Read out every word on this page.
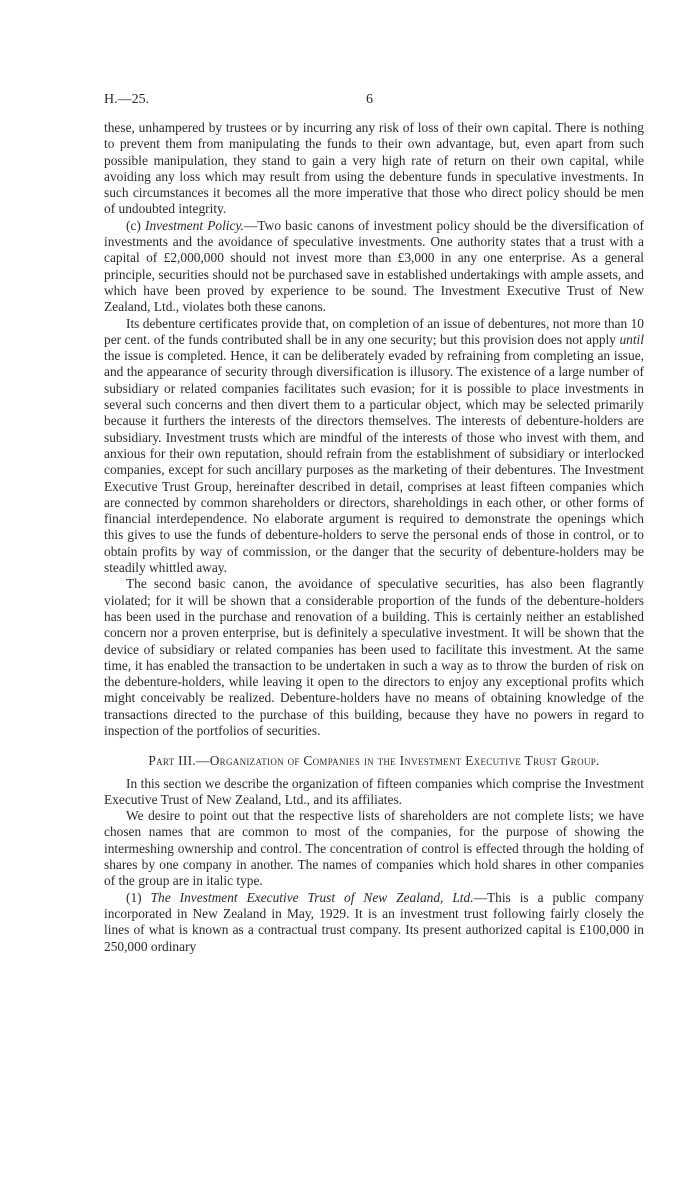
H.—25.	6

these, unhampered by trustees or by incurring any risk of loss of their own capital. There is nothing to prevent them from manipulating the funds to their own advantage, but, even apart from such possible manipulation, they stand to gain a very high rate of return on their own capital, while avoiding any loss which may result from using the debenture funds in speculative investments. In such circumstances it becomes all the more imperative that those who direct policy should be men of undoubted integrity.

(c) Investment Policy.—Two basic canons of investment policy should be the diversification of investments and the avoidance of speculative investments. One authority states that a trust with a capital of £2,000,000 should not invest more than £3,000 in any one enterprise. As a general principle, securities should not be purchased save in established undertakings with ample assets, and which have been proved by experience to be sound. The Investment Executive Trust of New Zealand, Ltd., violates both these canons.

Its debenture certificates provide that, on completion of an issue of debentures, not more than 10 per cent. of the funds contributed shall be in any one security; but this provision does not apply until the issue is completed. Hence, it can be deliberately evaded by refraining from completing an issue, and the appearance of security through diversification is illusory. The existence of a large number of subsidiary or related companies facilitates such evasion; for it is possible to place investments in several such concerns and then divert them to a particular object, which may be selected primarily because it furthers the interests of the directors themselves. The interests of debenture-holders are subsidiary. Investment trusts which are mindful of the interests of those who invest with them, and anxious for their own reputation, should refrain from the establishment of subsidiary or interlocked companies, except for such ancillary purposes as the marketing of their debentures. The Investment Executive Trust Group, hereinafter described in detail, comprises at least fifteen companies which are connected by common shareholders or directors, shareholdings in each other, or other forms of financial interdependence. No elaborate argument is required to demonstrate the openings which this gives to use the funds of debenture-holders to serve the personal ends of those in control, or to obtain profits by way of commission, or the danger that the security of debenture-holders may be steadily whittled away.

The second basic canon, the avoidance of speculative securities, has also been flagrantly violated; for it will be shown that a considerable proportion of the funds of the debenture-holders has been used in the purchase and renovation of a building. This is certainly neither an established concern nor a proven enterprise, but is definitely a speculative investment. It will be shown that the device of subsidiary or related companies has been used to facilitate this investment. At the same time, it has enabled the transaction to be undertaken in such a way as to throw the burden of risk on the debenture-holders, while leaving it open to the directors to enjoy any exceptional profits which might conceivably be realized. Debenture-holders have no means of obtaining knowledge of the transactions directed to the purchase of this building, because they have no powers in regard to inspection of the portfolios of securities.

Part III.—Organization of Companies in the Investment Executive Trust Group.

In this section we describe the organization of fifteen companies which comprise the Investment Executive Trust of New Zealand, Ltd., and its affiliates.

We desire to point out that the respective lists of shareholders are not complete lists; we have chosen names that are common to most of the companies, for the purpose of showing the intermeshing ownership and control. The concentration of control is effected through the holding of shares by one company in another. The names of companies which hold shares in other companies of the group are in italic type.

(1) The Investment Executive Trust of New Zealand, Ltd.—This is a public company incorporated in New Zealand in May, 1929. It is an investment trust following fairly closely the lines of what is known as a contractual trust company. Its present authorized capital is £100,000 in 250,000 ordinary
